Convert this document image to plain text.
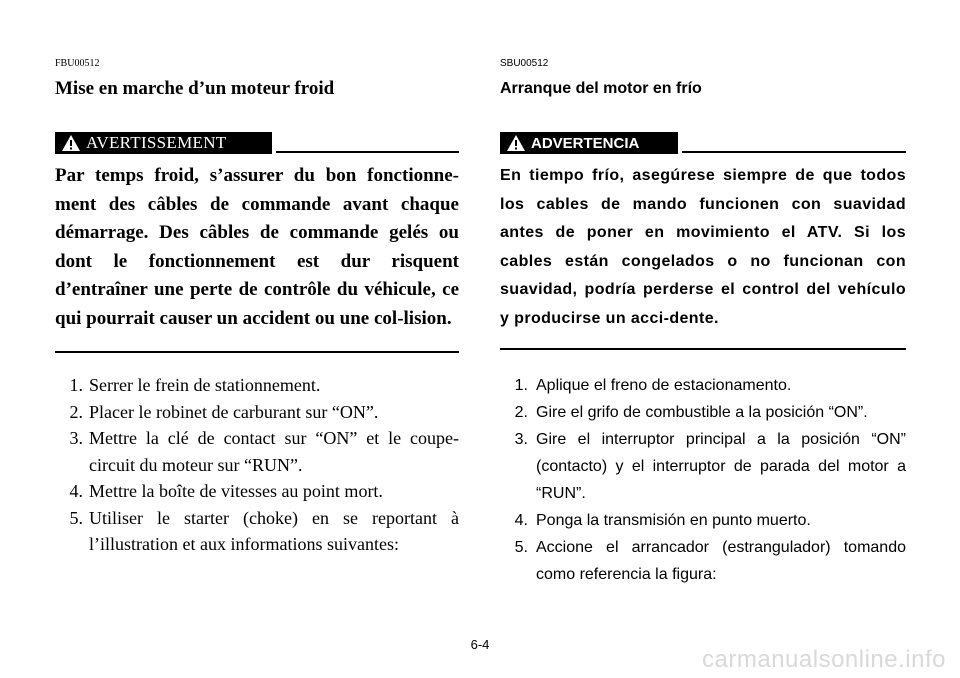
FBU00512
Mise en marche d’un moteur froid
AVERTISSEMENT

Par temps froid, s’assurer du bon fonctionne-ment des câbles de commande avant chaque démarrage. Des câbles de commande gelés ou dont le fonctionnement est dur risquent d’entraîner une perte de contrôle du véhicule, ce qui pourrait causer un accident ou une col-lision.

1. Serrer le frein de stationnement.
2. Placer le robinet de carburant sur “ON”.
3. Mettre la clé de contact sur “ON” et le coupe-circuit du moteur sur “RUN”.
4. Mettre la boîte de vitesses au point mort.
5. Utiliser le starter (choke) en se reportant à l’illustration et aux informations suivantes:
SBU00512
Arranque del motor en frío
ADVERTENCIA

En tiempo frío, asegúrese siempre de que todos los cables de mando funcionen con suavidad antes de poner en movimiento el ATV. Si los cables están congelados o no funcionan con suavidad, podría perderse el control del vehículo y producirse un acci-dente.

1. Aplique el freno de estacionamento.
2. Gire el grifo de combustible a la posición “ON”.
3. Gire el interruptor principal a la posición “ON” (contacto) y el interruptor de parada del motor a “RUN”.
4. Ponga la transmisión en punto muerto.
5. Accione el arrancador (estrangulador) tomando como referencia la figura:
6-4
carmanualsonline.info
